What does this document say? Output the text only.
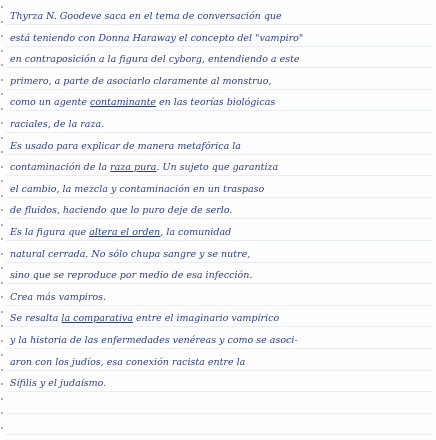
Thyrza N. Goodeve saca en el tema de conversación que
está teniendo con Donna Haraway el concepto del "vampiro"
en contraposición a la figura del cyborg, entendiendo a este
primero, a parte de asociarlo claramente al monstruo,
como un agente contaminante en las teorías biológicas
raciales, de la raza.
Es usado para explicar de manera metafórica la
contaminación de la raza pura. Un sujeto que garantiza
el cambio, la mezcla y contaminación en un traspaso
de fluidos, haciendo que lo puro deje de serlo.
Es la figura que altera el orden, la comunidad
natural cerrada. No sólo chupa sangre y se nutre,
sino que se reproduce por medio de esa infección.
Crea más vampiros.
Se resalta la comparativa entre el imaginario vampírico
y la historia de las enfermedades venéreas y como se asoci-
aron con los judíos, esa conexión racista entre la
Sífilis y el judaísmo.
